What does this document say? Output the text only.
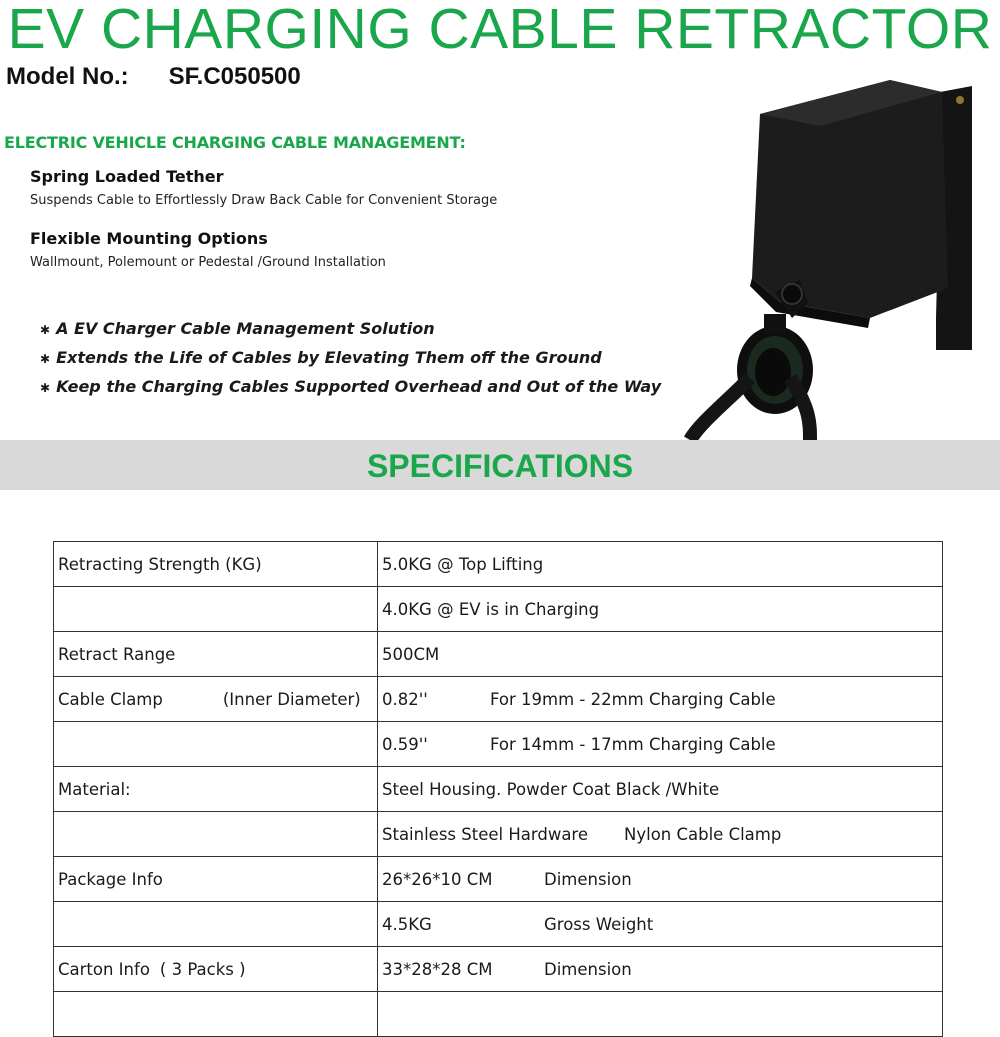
EV CHARGING CABLE RETRACTOR
Model No.: SF.C050500
ELECTRIC VEHICLE CHARGING CABLE MANAGEMENT:
Spring Loaded Tether
Suspends Cable to Effortlessly Draw Back Cable for Convenient Storage
Flexible Mounting Options
Wallmount, Polemount or Pedestal /Ground Installation
✱ A EV Charger Cable Management Solution
✱ Extends the Life of Cables by Elevating Them off the Ground
✱ Keep the Charging Cables Supported Overhead and Out of the Way
SPECIFICATIONS
Retracting Strength (KG)	5.0KG @ Top Lifting
	4.0KG @ EV is in Charging
Retract Range	500CM
Cable Clamp (Inner Diameter)	0.82'' For 19mm - 22mm Charging Cable
	0.59'' For 14mm - 17mm Charging Cable
Material:	Steel Housing. Powder Coat Black /White
	Stainless Steel Hardware Nylon Cable Clamp
Package Info	26*26*10 CM Dimension
	4.5KG Gross Weight
Carton Info ( 3 Packs )	33*28*28 CM Dimension
